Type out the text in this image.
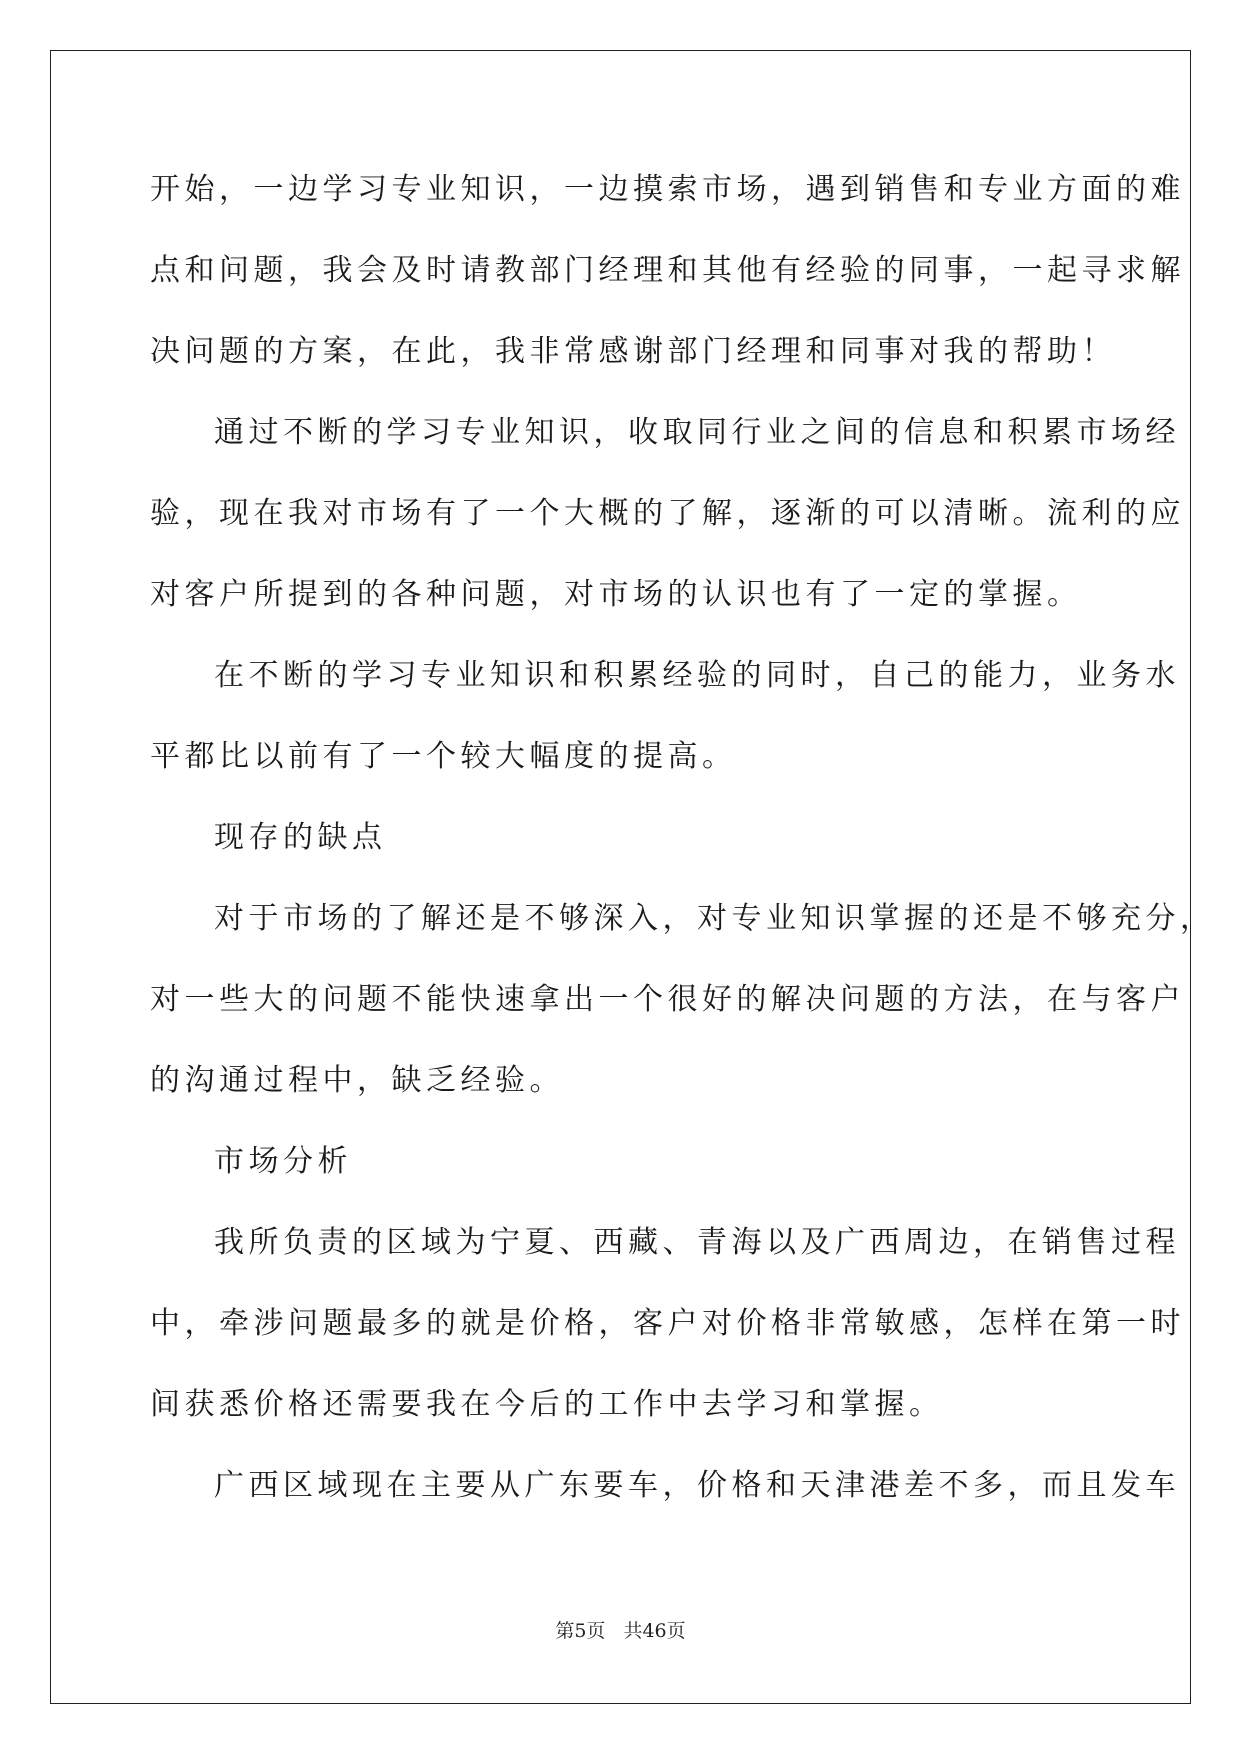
开始，一边学习专业知识，一边摸索市场，遇到销售和专业方面的难
点和问题，我会及时请教部门经理和其他有经验的同事，一起寻求解
决问题的方案，在此，我非常感谢部门经理和同事对我的帮助！
通过不断的学习专业知识，收取同行业之间的信息和积累市场经
验，现在我对市场有了一个大概的了解，逐渐的可以清晰。流利的应
对客户所提到的各种问题，对市场的认识也有了一定的掌握。
在不断的学习专业知识和积累经验的同时，自己的能力，业务水
平都比以前有了一个较大幅度的提高。
现存的缺点
对于市场的了解还是不够深入，对专业知识掌握的还是不够充分，
对一些大的问题不能快速拿出一个很好的解决问题的方法，在与客户
的沟通过程中，缺乏经验。
市场分析
我所负责的区域为宁夏、西藏、青海以及广西周边，在销售过程
中，牵涉问题最多的就是价格，客户对价格非常敏感，怎样在第一时
间获悉价格还需要我在今后的工作中去学习和掌握。
广西区域现在主要从广东要车，价格和天津港差不多，而且发车
第5页 共46页
